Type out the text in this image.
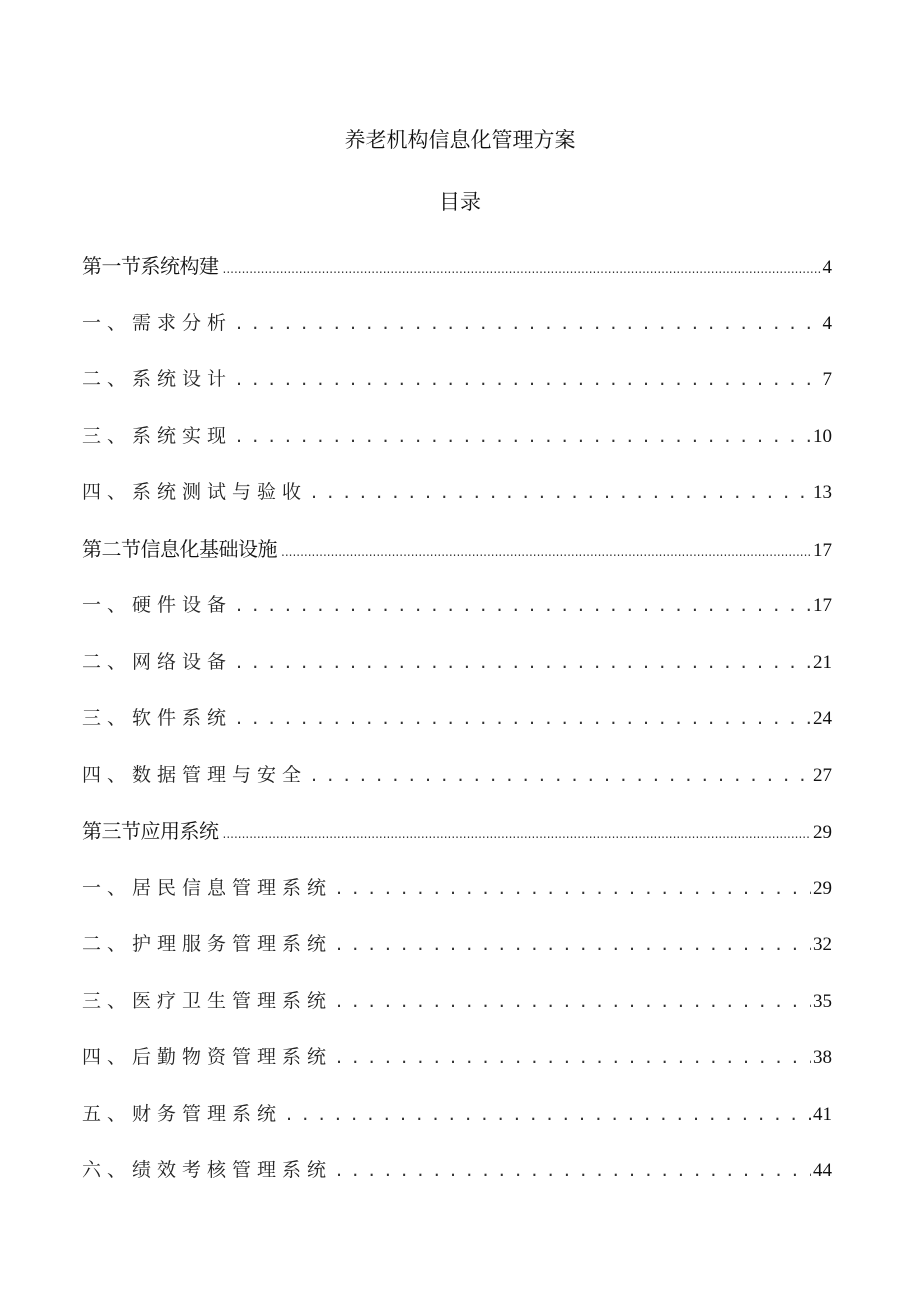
养老机构信息化管理方案
目录
第一节系统构建 .....	4
一、需求分析 . . .	4
二、系统设计 . . .	7
三、系统实现 . . .	10
四、系统测试与验收 . . .	13
第二节信息化基础设施 .....	17
一、硬件设备 . . .	17
二、网络设备 . . .	21
三、软件系统 . . .	24
四、数据管理与安全 . . .	27
第三节应用系统 .....	29
一、居民信息管理系统 . . .	29
二、护理服务管理系统 . . .	32
三、医疗卫生管理系统 . . .	35
四、后勤物资管理系统 . . .	38
五、财务管理系统 . . .	41
六、绩效考核管理系统 . . .	44
